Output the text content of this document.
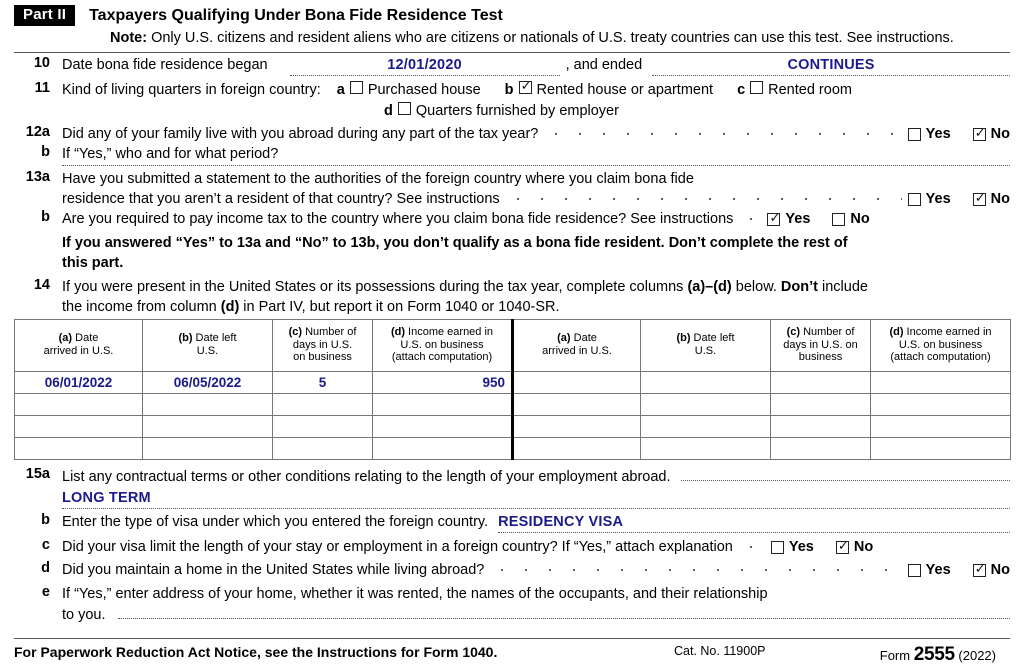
Part II	Taxpayers Qualifying Under Bona Fide Residence Test
Note: Only U.S. citizens and resident aliens who are citizens or nationals of U.S. treaty countries can use this test. See instructions.
10 Date bona fide residence began	12/01/2020	, and ended	CONTINUES
11 Kind of living quarters in foreign country: a Purchased house b ✓ Rented house or apartment c Rented room
d Quarters furnished by employer
12a Did any of your family live with you abroad during any part of the tax year?	Yes ✓	No
b If “Yes,” who and for what period?
13a Have you submitted a statement to the authorities of the foreign country where you claim bona fide
residence that you aren’t a resident of that country? See instructions	Yes ✓	No
b Are you required to pay income tax to the country where you claim bona fide residence? See instructions ✓	Yes	No
If you answered “Yes” to 13a and “No” to 13b, you don’t qualify as a bona fide resident. Don’t complete the rest of
this part.
14 If you were present in the United States or its possessions during the tax year, complete columns (a)–(d) below. Don’t include
the income from column (d) in Part IV, but report it on Form 1040 or 1040-SR.
(a) Date
arrived in U.S.	(b) Date left
U.S.	(c) Number of
days in U.S.
on business	(d) Income earned in
U.S. on business
(attach computation)	(a) Date
arrived in U.S.	(b) Date left
U.S.	(c) Number of
days in U.S. on
business	(d) Income earned in
U.S. on business
(attach computation)

06/01/2022	06/05/2022	5	950				

15a List any contractual terms or other conditions relating to the length of your employment abroad.
LONG TERM
b Enter the type of visa under which you entered the foreign country. RESIDENCY VISA
c Did your visa limit the length of your stay or employment in a foreign country? If “Yes,” attach explanation	Yes ✓	No
d Did you maintain a home in the United States while living abroad?	Yes ✓	No
e If “Yes,” enter address of your home, whether it was rented, the names of the occupants, and their relationship
to you.
For Paperwork Reduction Act Notice, see the Instructions for Form 1040.	Cat. No. 11900P	Form 2555 (2022)
